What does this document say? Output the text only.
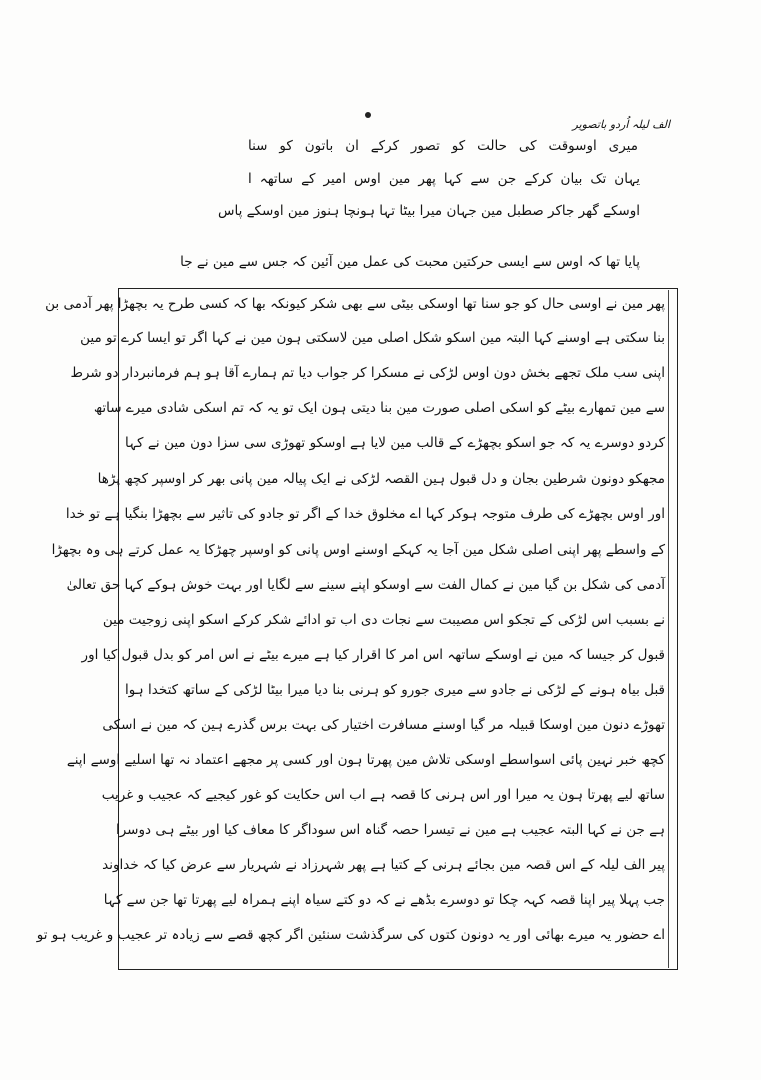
الف لیلہ اُردو باتصویر
میری اوسوقت کی حالت کو تصور کرکے ان باتون کو سنا
یہان تک بیان کرکے جن سے کہا پھر مین اوس امیر کے ساتھہ ا
اوسکے گھر جاکر صطبل مین جہان میرا بیٹا تہا ہونچا ہنوز مین اوسکے پاس
پایا تھا کہ اوس سے ایسی حرکتین محبت کی عمل مین آئین کہ جس سے مین نے جا
پھر مین نے اوسی حال کو جو سنا تھا اوسکی بیٹی سے بھی شکر کیونکہ بھا کہ کسی طرح یہ بچھڑا پھر آدمی بن
بنا سکتی ہے اوسنے کہا البتہ مین اسکو شکل اصلی مین لاسکتی ہون مین نے کہا اگر تو ایسا کرے تو مین
اپنی سب ملک تجھے بخش دون اوس لڑکی نے مسکرا کر جواب دیا تم ہمارے آقا ہو ہم فرمانبردار دو شرط
سے مین تمھارے بیٹے کو اسکی اصلی صورت مین بنا دیتی ہون ایک تو یہ کہ تم اسکی شادی میرے ساتھ
کردو دوسرے یہ کہ جو اسکو بچھڑے کے قالب مین لایا ہے اوسکو تھوڑی سی سزا دون مین نے کہا
مجھکو دونون شرطین بجان و دل قبول ہین القصہ لڑکی نے ایک پیالہ مین پانی بھر کر اوسپر کچھ پڑھا
اور اوس بچھڑے کی طرف متوجہ ہوکر کہا اے مخلوق خدا کے اگر تو جادو کی تاثیر سے بچھڑا بنگیا ہے تو خدا
کے واسطے پھر اپنی اصلی شکل مین آجا یہ کہکے اوسنے اوس پانی کو اوسپر چھڑکا یہ عمل کرتے ہی وہ بچھڑا
آدمی کی شکل بن گیا مین نے کمال الفت سے اوسکو اپنے سینے سے لگایا اور بہت خوش ہوکے کہا حق تعالیٰ
نے بسبب اس لڑکی کے تجکو اس مصیبت سے نجات دی اب تو ادائے شکر کرکے اسکو اپنی زوجیت مین
قبول کر جیسا کہ مین نے اوسکے ساتھہ اس امر کا اقرار کیا ہے میرے بیٹے نے اس امر کو بدل قبول کیا اور
قبل بیاہ ہونے کے لڑکی نے جادو سے میری جورو کو ہرنی بنا دیا میرا بیٹا لڑکی کے ساتھ کتخدا ہوا
تھوڑے دنون مین اوسکا قبیلہ مر گیا اوسنے مسافرت اختیار کی بہت برس گذرے ہین کہ مین نے اسکی
کچھ خبر نہین پائی اسواسطے اوسکی تلاش مین پھرتا ہون اور کسی پر مجھے اعتماد نہ تھا اسلیے اوسے اپنے
ساتھ لیے پھرتا ہون یہ میرا اور اس ہرنی کا قصہ ہے اب اس حکایت کو غور کیجیے کہ عجیب و غریب
ہے جن نے کہا البتہ عجیب ہے مین نے تیسرا حصہ گناہ اس سوداگر کا معاف کیا اور بیٹے ہی دوسرا
پیر الف لیلہ کے اس قصہ مین بجائے ہرنی کے کتیا ہے پھر شہرزاد نے شہریار سے عرض کیا کہ خداوند
جب پہلا پیر اپنا قصہ کہہ چکا تو دوسرے بڈھے نے کہ دو کتے سیاہ اپنے ہمراہ لیے پھرتا تھا جن سے کہا
اے حضور یہ میرے بھائی اور یہ دونون کتوں کی سرگذشت سنئین اگر کچھ قصے سے زیادہ تر عجیب و غریب ہو تو
